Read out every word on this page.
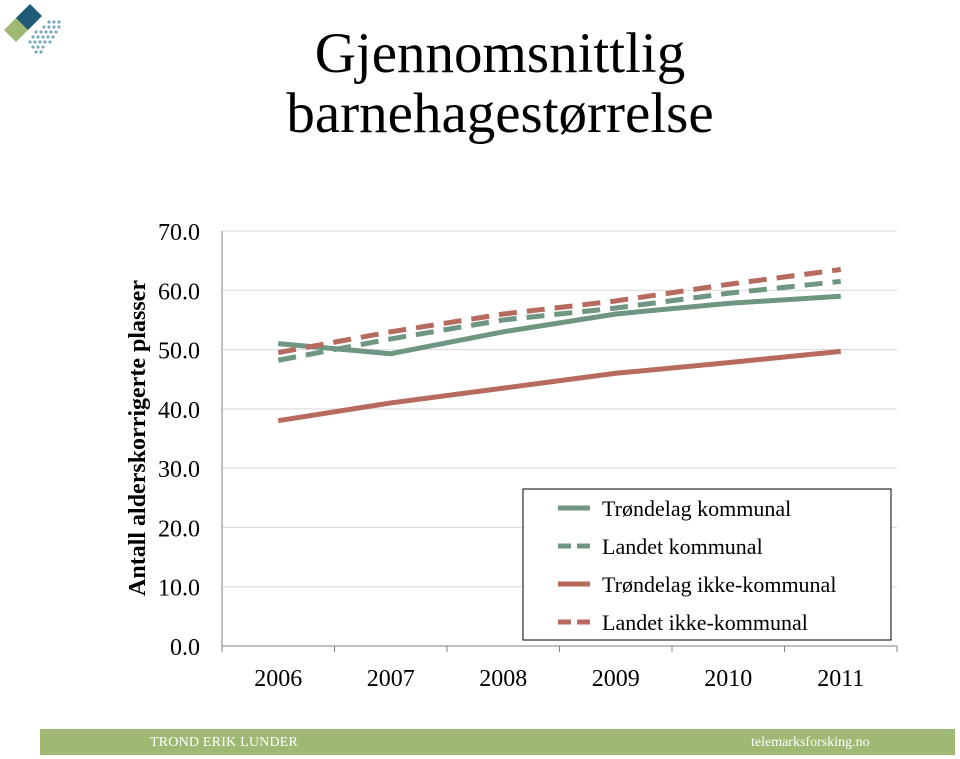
Gjennomsnittlig
barnehagestørrelse
0.0
10.0
20.0
30.0
40.0
50.0
60.0
70.0
2006	2007	2008	2009	2010	2011
Antall alderskorrigerte plasser	Trøndelag kommunal
Landet kommunal
Trøndelag ikke-kommunal
Landet ikke-kommunal
TROND ERIK LUNDER	telemarksforsking.no
